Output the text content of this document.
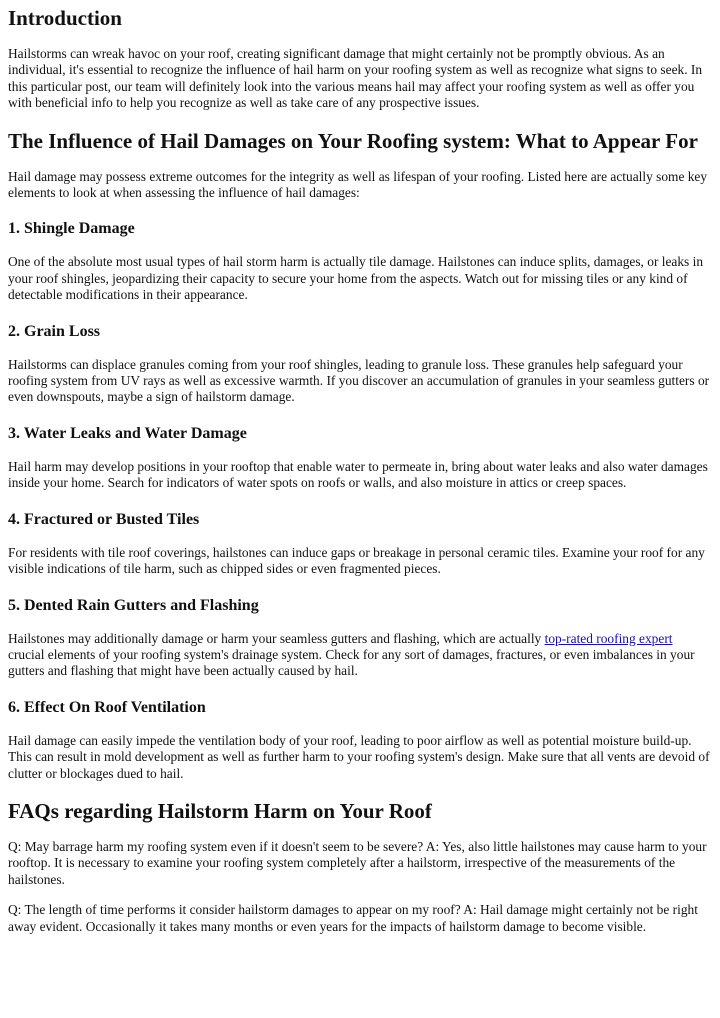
Introduction

Hailstorms can wreak havoc on your roof, creating significant damage that might certainly not be promptly obvious. As an individual, it's essential to recognize the influence of hail harm on your roofing system as well as recognize what signs to seek. In this particular post, our team will definitely look into the various means hail may affect your roofing system as well as offer you with beneficial info to help you recognize as well as take care of any prospective issues.

The Influence of Hail Damages on Your Roofing system: What to Appear For

Hail damage may possess extreme outcomes for the integrity as well as lifespan of your roofing. Listed here are actually some key elements to look at when assessing the influence of hail damages:

1. Shingle Damage

One of the absolute most usual types of hail storm harm is actually tile damage. Hailstones can induce splits, damages, or leaks in your roof shingles, jeopardizing their capacity to secure your home from the aspects. Watch out for missing tiles or any kind of detectable modifications in their appearance.

2. Grain Loss

Hailstorms can displace granules coming from your roof shingles, leading to granule loss. These granules help safeguard your roofing system from UV rays as well as excessive warmth. If you discover an accumulation of granules in your seamless gutters or even downspouts, maybe a sign of hailstorm damage.

3. Water Leaks and Water Damage

Hail harm may develop positions in your rooftop that enable water to permeate in, bring about water leaks and also water damages inside your home. Search for indicators of water spots on roofs or walls, and also moisture in attics or creep spaces.

4. Fractured or Busted Tiles

For residents with tile roof coverings, hailstones can induce gaps or breakage in personal ceramic tiles. Examine your roof for any visible indications of tile harm, such as chipped sides or even fragmented pieces.

5. Dented Rain Gutters and Flashing

Hailstones may additionally damage or harm your seamless gutters and flashing, which are actually top-rated roofing expert crucial elements of your roofing system's drainage system. Check for any sort of damages, fractures, or even imbalances in your gutters and flashing that might have been actually caused by hail.

6. Effect On Roof Ventilation

Hail damage can easily impede the ventilation body of your roof, leading to poor airflow as well as potential moisture build-up. This can result in mold development as well as further harm to your roofing system's design. Make sure that all vents are devoid of clutter or blockages dued to hail.

FAQs regarding Hailstorm Harm on Your Roof

Q: May barrage harm my roofing system even if it doesn't seem to be severe? A: Yes, also little hailstones may cause harm to your rooftop. It is necessary to examine your roofing system completely after a hailstorm, irrespective of the measurements of the hailstones.

Q: The length of time performs it consider hailstorm damages to appear on my roof? A: Hail damage might certainly not be right away evident. Occasionally it takes many months or even years for the impacts of hailstorm damage to become visible.
